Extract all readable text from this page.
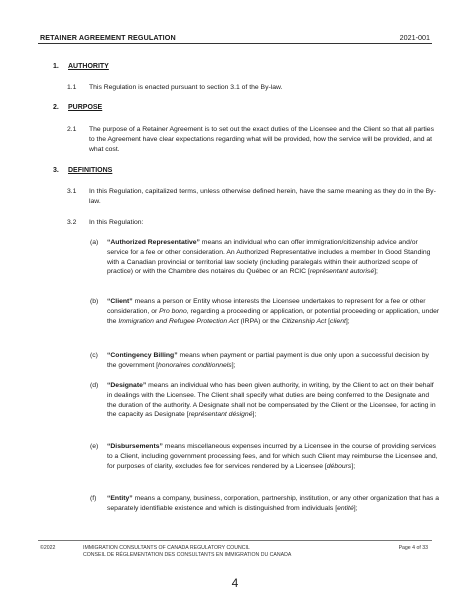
RETAINER AGREEMENT REGULATION	2021-001
1. AUTHORITY
1.1	This Regulation is enacted pursuant to section 3.1 of the By-law.
2. PURPOSE
2.1	The purpose of a Retainer Agreement is to set out the exact duties of the Licensee and the Client so that all parties to the Agreement have clear expectations regarding what will be provided, how the service will be provided, and at what cost.
3. DEFINITIONS
3.1	In this Regulation, capitalized terms, unless otherwise defined herein, have the same meaning as they do in the By-law.
3.2	In this Regulation:
(a)	“Authorized Representative” means an individual who can offer immigration/citizenship advice and/or service for a fee or other consideration. An Authorized Representative includes a member In Good Standing with a Canadian provincial or territorial law society (including paralegals within their authorized scope of practice) or with the Chambre des notaires du Québec or an RCIC [représentant autorisé];
(b)	“Client” means a person or Entity whose interests the Licensee undertakes to represent for a fee or other consideration, or Pro bono, regarding a proceeding or application, or potential proceeding or application, under the Immigration and Refugee Protection Act (IRPA) or the Citizenship Act [client];
(c)	“Contingency Billing” means when payment or partial payment is due only upon a successful decision by the government [honoraires conditionnels];
(d)	“Designate” means an individual who has been given authority, in writing, by the Client to act on their behalf in dealings with the Licensee. The Client shall specify what duties are being conferred to the Designate and the duration of the authority. A Designate shall not be compensated by the Client or the Licensee, for acting in the capacity as Designate [représentant désigné];
(e)	“Disbursements” means miscellaneous expenses incurred by a Licensee in the course of providing services to a Client, including government processing fees, and for which such Client may reimburse the Licensee and, for purposes of clarity, excludes fee for services rendered by a Licensee [débours];
(f)	“Entity” means a company, business, corporation, partnership, institution, or any other organization that has a separately identifiable existence and which is distinguished from individuals [entité];
©2022	IMMIGRATION CONSULTANTS OF CANADA REGULATORY COUNCIL
CONSEIL DE RÉGLEMENTATION DES CONSULTANTS EN IMMIGRATION DU CANADA
Page 4 of 33
4
